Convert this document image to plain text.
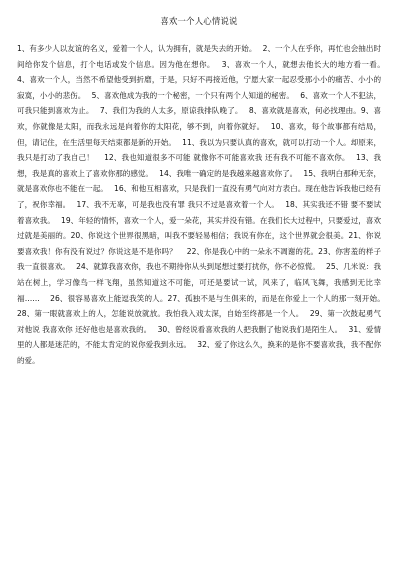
喜欢一个人心情说说

1、有多少人以友谊的名义，爱着一个人，认为拥有，就是失去的开始。　 2、一个人在乎你，再忙也会抽出时间给你发个信息，打个电话或发个信息。因为他在想你。　 3、喜欢一个人，就想去他长大的地方看一看。　 4、喜欢一个人，当然不希望他受到折磨，于是，只好不再接近他，宁愿大家一起忍受那小小的痛苦、小小的寂寞，小小的悲伤。　 5、喜欢他成为我的一个秘密，一个只有两个人知道的秘密。　 6、喜欢一个人不犯法，可我只能到喜欢为止。　 7、我们为我的人太多，原谅我排队晚了。　 8、喜欢就是喜欢，何必找理由。9、喜欢，你就像是太阳，而我永远是向着你的太阳花，够不到，向着你就好。　 10、喜欢，每个故事都有结局，但，请记住，在生活里每天结束都是新的开始。　 11、我以为只要认真的喜欢，就可以打动一个人。却原来，我只是打动了我自己！　 12、我也知道很多不可能 就像你不可能喜欢我 还有我不可能不喜欢你。　 13、我想，我是真的喜欢上了喜欢你那的感觉。　 14、我唯一确定的是我越来越喜欢你了。　 15、我明白那种无奈，就是喜欢你也不能在一起。　 16、和他互相喜欢，只是我们一直没有勇气向对方表白。现在他告诉我他已经有了，祝你幸福。　 17、我不无辜，可是我也没有罪 我只不过是喜欢着一个人。　 18、其实我还不错 要不要试着喜欢我。　 19、年轻的情怀，喜欢一个人，爱一朵花，其实并没有错。在我们长大过程中，只要爱过，喜欢过就是美丽的。20、你说这个世界很黑暗，叫我不要轻易相信；我说有你在，这个世界就会很美。21、你说要喜欢我！你有没有说过？你说这是不是你吗？　 22、你是我心中的一朵永不凋谢的花。23、你害羞的样子我一直很喜欢。　 24、就算我喜欢你，我也不期待你从头到尾想过要打扰你，你不必惊慌。　 25、几米说：我站在树上，学习像鸟一样飞翔，虽然知道这不可能，可还是要试一试，风来了，临风飞舞，我感到无比幸福……　 26、很容易喜欢上能逗我笑的人。27、孤独不是与生俱来的，而是在你爱上一个人的那一刻开始。　 28、第一眼就喜欢上的人，怎能说放就放。我怕我入戏太深，自始至终都是一个人。　 29、第一次鼓起勇气对他说 我喜欢你 还好他也是喜欢我的。　 30、曾经说看喜欢我的人把我删了他说我们是陌生人。　 31、爱情里的人都是迷茫的，不能太肯定的说你爱我到永远。　 32、爱了你这么久，换来的是你不要喜欢我，我不配你的爱。
